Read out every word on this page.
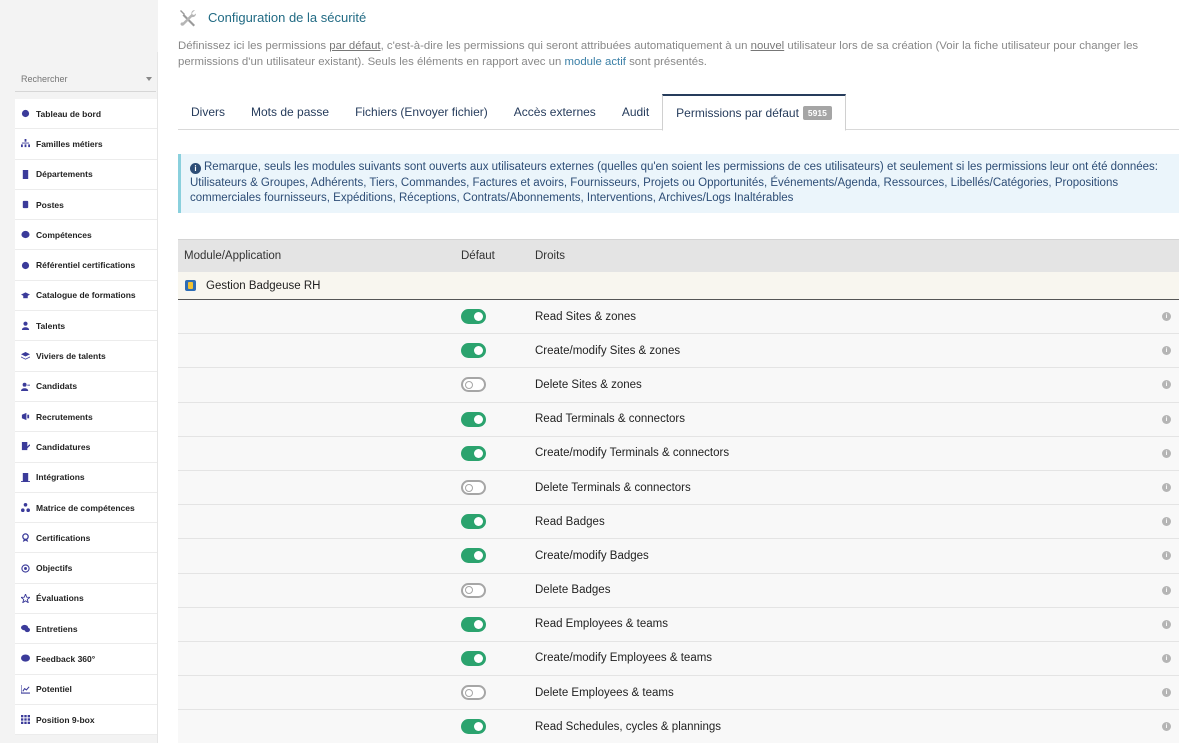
Rechercher
Tableau de bord
Familles métiers
Départements
Postes
Compétences
Référentiel certifications
Catalogue de formations
Talents
Viviers de talents
Candidats
Recrutements
Candidatures
Intégrations
Matrice de compétences
Certifications
Objectifs
Évaluations
Entretiens
Feedback 360°
Potentiel
Position 9-box
Configuration de la sécurité
Définissez ici les permissions par défaut, c'est-à-dire les permissions qui seront attribuées automatiquement à un nouvel utilisateur lors de sa création (Voir la fiche utilisateur pour changer les permissions d'un utilisateur existant). Seuls les éléments en rapport avec un module actif sont présentés.
Divers Mots de passe Fichiers (Envoyer fichier) Accès externes Audit Permissions par défaut	5915
i Remarque, seuls les modules suivants sont ouverts aux utilisateurs externes (quelles qu'en soient les permissions de ces utilisateurs) et seulement si les permissions leur ont été données: Utilisateurs & Groupes, Adhérents, Tiers, Commandes, Factures et avoirs, Fournisseurs, Projets ou Opportunités, Événements/Agenda, Ressources, Libellés/Catégories, Propositions commerciales fournisseurs, Expéditions, Réceptions, Contrats/Abonnements, Interventions, Archives/Logs Inaltérables
Module/Application	Défaut	Droits
Gestion Badgeuse RH
Read Sites & zones	i
Create/modify Sites & zones	i
Delete Sites & zones	i
Read Terminals & connectors	i
Create/modify Terminals & connectors	i
Delete Terminals & connectors	i
Read Badges	i
Create/modify Badges	i
Delete Badges	i
Read Employees & teams	i
Create/modify Employees & teams	i
Delete Employees & teams	i
Read Schedules, cycles & plannings	i
